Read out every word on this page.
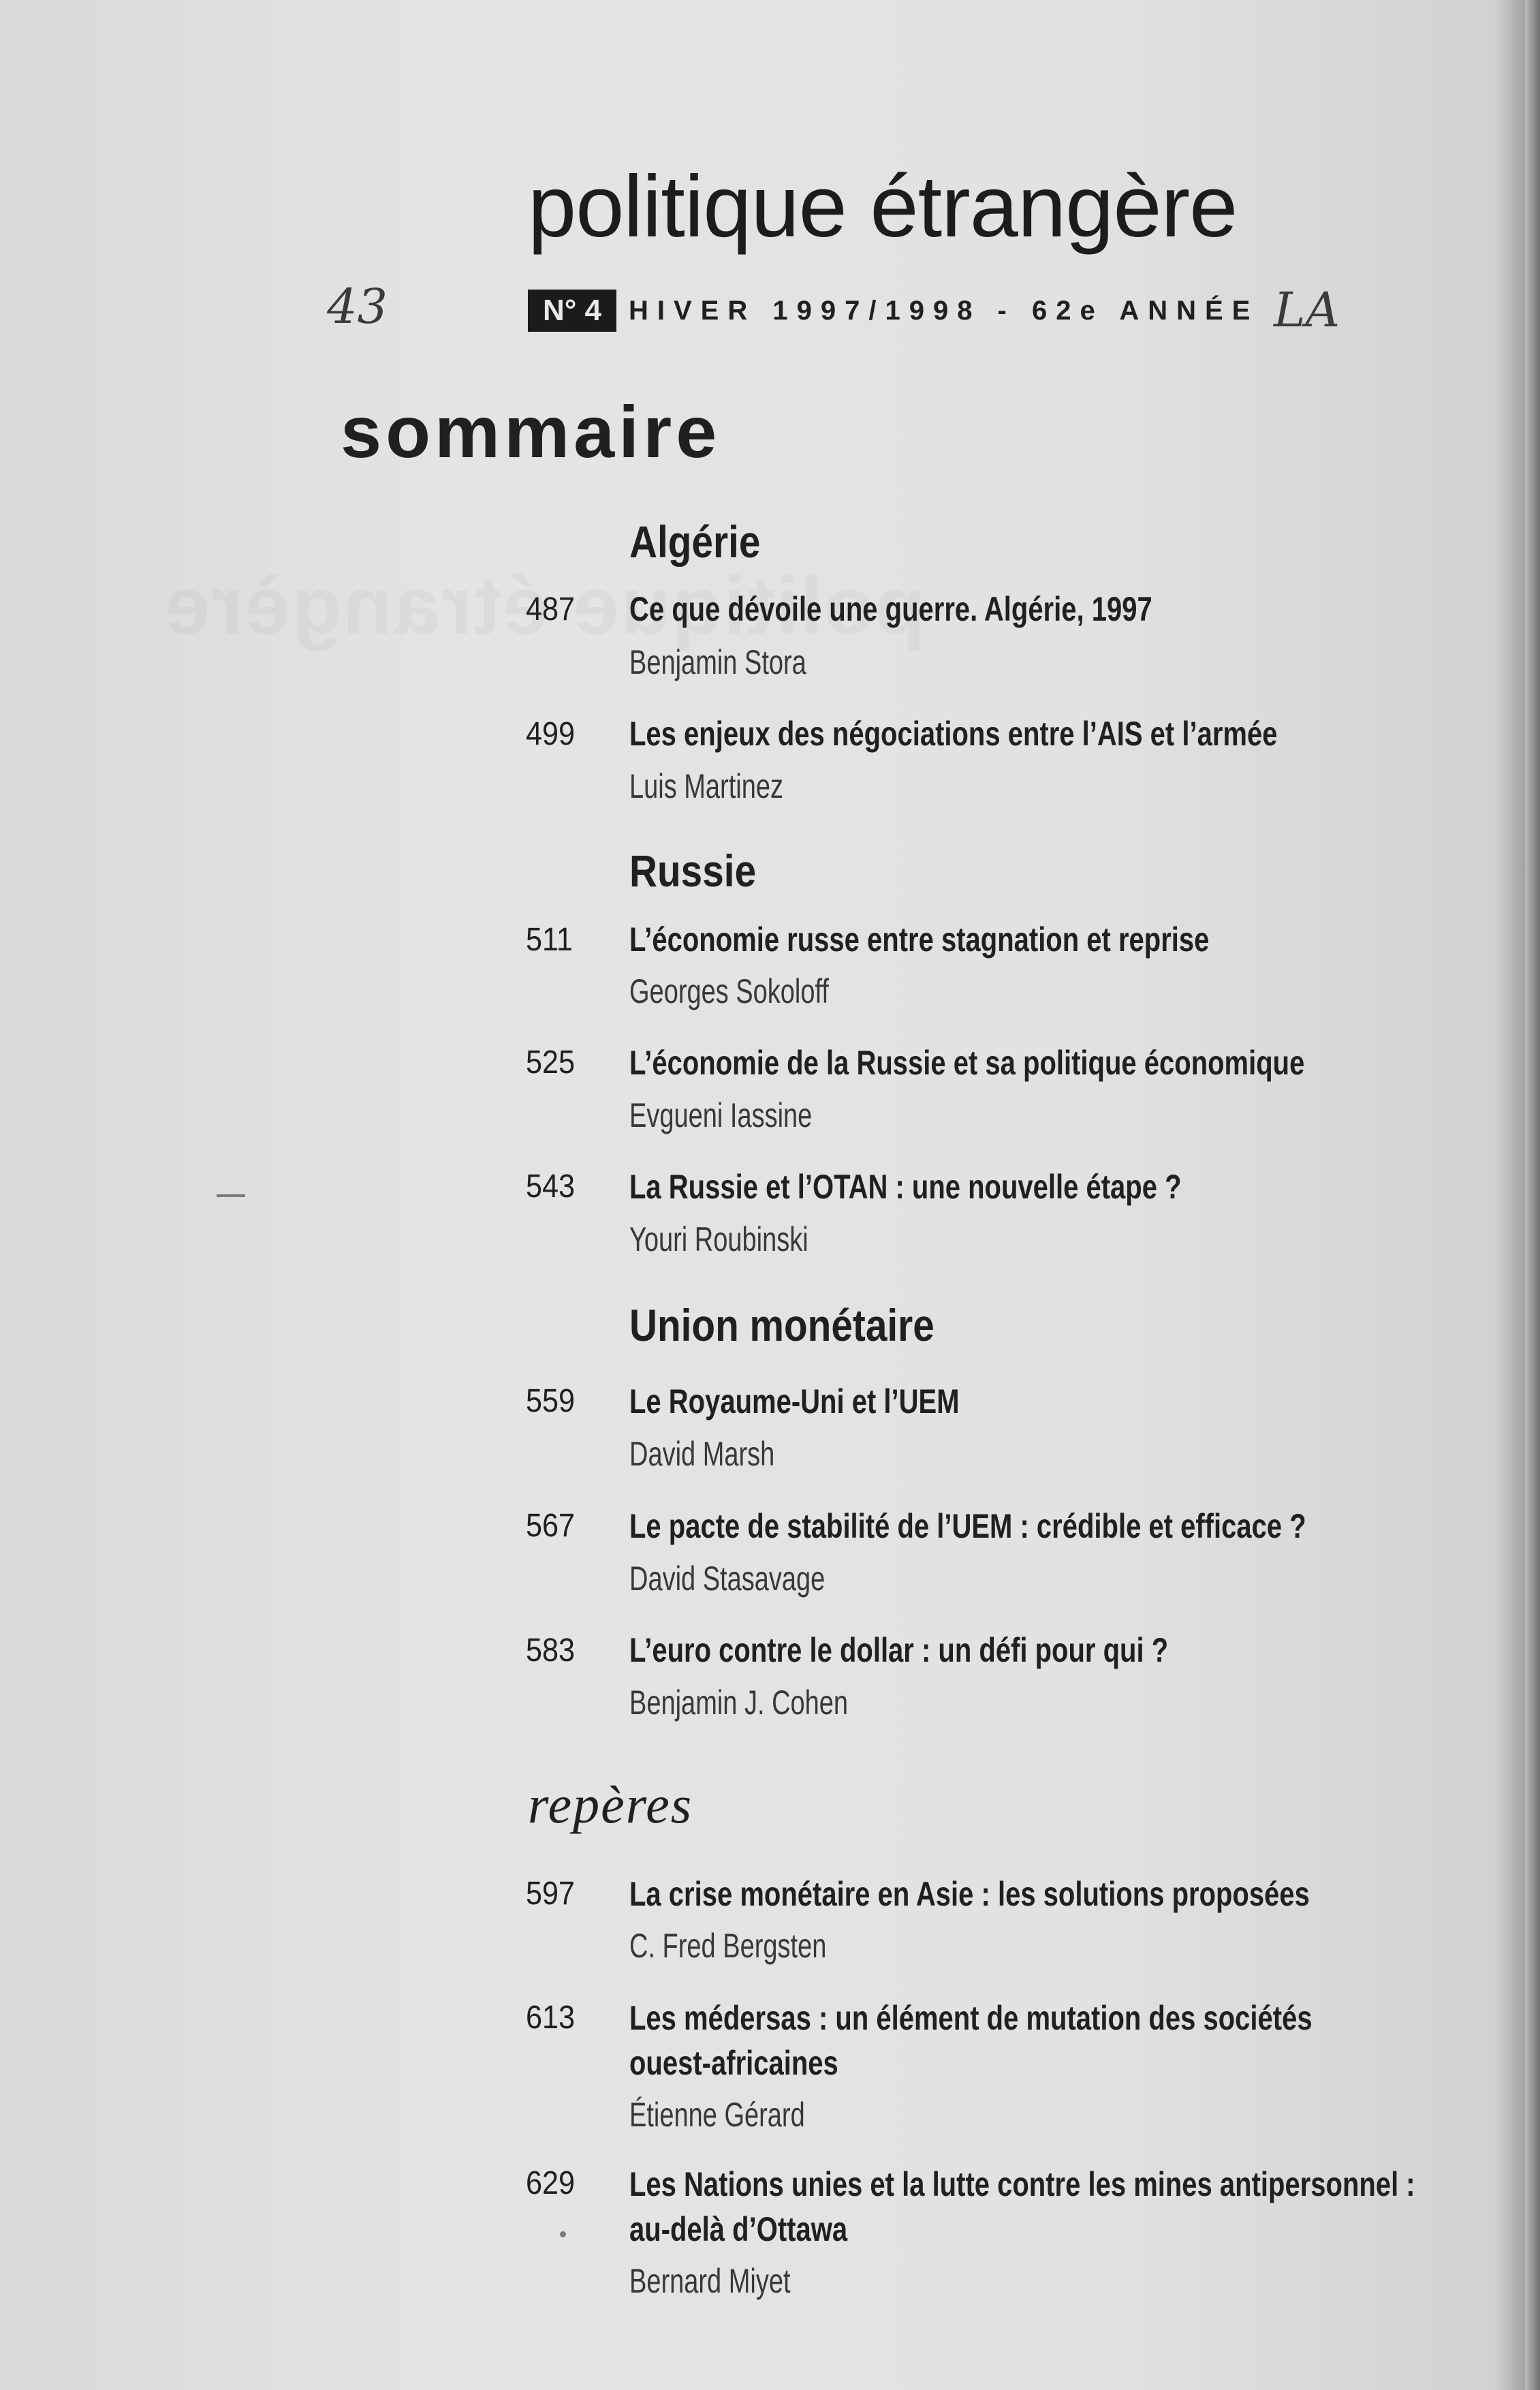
politique étrangère
N° 4 HIVER 1997/1998 - 62e ANNÉE
43	LA
sommaire
Algérie
487 Ce que dévoile une guerre. Algérie, 1997
Benjamin Stora
499 Les enjeux des négociations entre l’AIS et l’armée
Luis Martinez
Russie
511 L’économie russe entre stagnation et reprise
Georges Sokoloff
525 L’économie de la Russie et sa politique économique
Evgueni Iassine
543 La Russie et l’OTAN : une nouvelle étape ?
Youri Roubinski
Union monétaire
559 Le Royaume-Uni et l’UEM
David Marsh
567 Le pacte de stabilité de l’UEM : crédible et efficace ?
David Stasavage
583 L’euro contre le dollar : un défi pour qui ?
Benjamin J. Cohen
repères
597 La crise monétaire en Asie : les solutions proposées
C. Fred Bergsten
613 Les médersas : un élément de mutation des sociétés
ouest-africaines
Étienne Gérard
629 Les Nations unies et la lutte contre les mines antipersonnel :
au-delà d’Ottawa
Bernard Miyet
